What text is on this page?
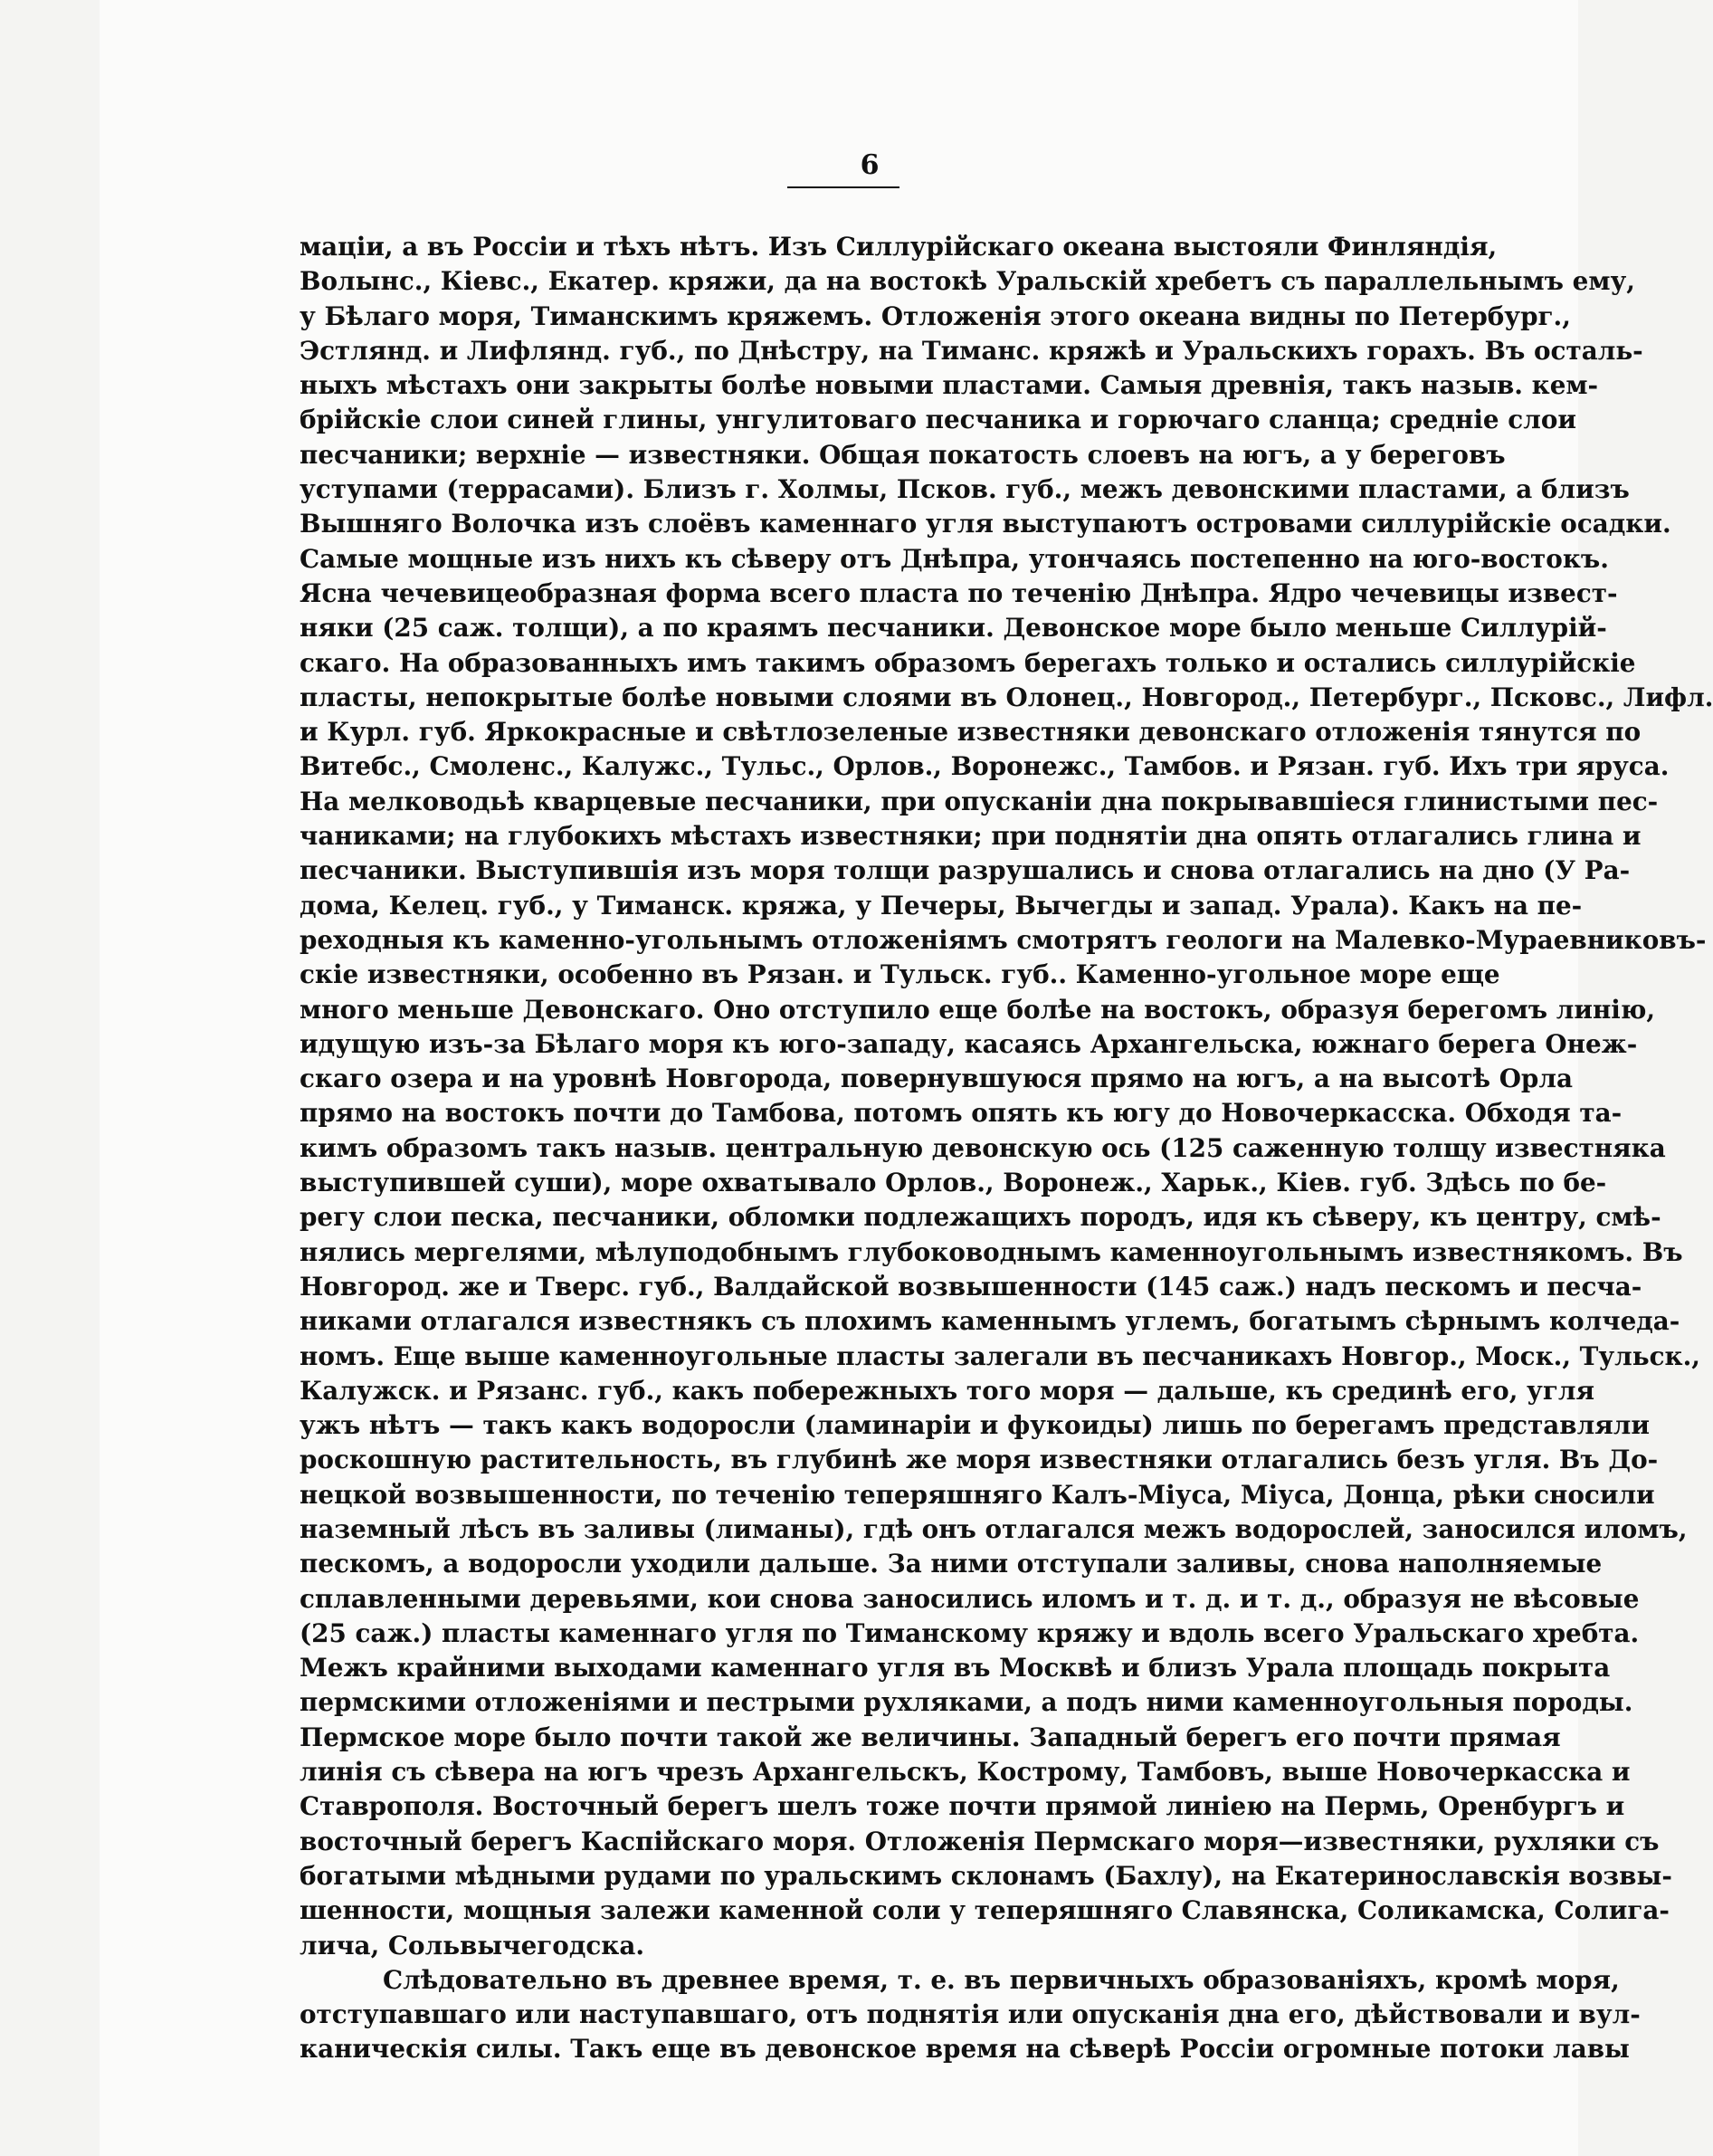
6
маціи, а въ Россіи и тѣхъ нѣтъ. Изъ Силлурійскаго океана выстояли Финляндія,
Волынс., Кіевс., Екатер. кряжи, да на востокѣ Уральскій хребетъ съ параллельнымъ ему,
у Бѣлаго моря, Тиманскимъ кряжемъ. Отложенія этого океана видны по Петербург.,
Эстлянд. и Лифлянд. губ., по Днѣстру, на Тиманс. кряжѣ и Уральскихъ горахъ. Въ осталь-
ныхъ мѣстахъ они закрыты болѣе новыми пластами. Самыя древнія, такъ назыв. кем-
брійскіе слои синей глины, унгулитоваго песчаника и горючаго сланца; средніе слои
песчаники; верхніе — известняки. Общая покатость слоевъ на югъ, а у береговъ
уступами (террасами). Близъ г. Холмы, Псков. губ., межъ девонскими пластами, а близъ
Вышняго Волочка изъ слоёвъ каменнаго угля выступаютъ островами силлурійскіе осадки.
Самые мощные изъ нихъ къ сѣверу отъ Днѣпра, утончаясь постепенно на юго-востокъ.
Ясна чечевицеобразная форма всего пласта по теченію Днѣпра. Ядро чечевицы извест-
няки (25 саж. толщи), а по краямъ песчаники. Девонское море было меньше Силлурій-
скаго. На образованныхъ имъ такимъ образомъ берегахъ только и остались силлурійскіе
пласты, непокрытые болѣе новыми слоями въ Олонец., Новгород., Петербург., Псковс., Лифл.
и Курл. губ. Яркокрасные и свѣтлозеленые известняки девонскаго отложенія тянутся по
Витебс., Смоленс., Калужс., Тульс., Орлов., Воронежс., Тамбов. и Рязан. губ. Ихъ три яруса.
На мелководьѣ кварцевые песчаники, при опусканіи дна покрывавшіеся глинистыми пес-
чаниками; на глубокихъ мѣстахъ известняки; при поднятіи дна опять отлагались глина и
песчаники. Выступившія изъ моря толщи разрушались и снова отлагались на дно (У Ра-
дома, Келец. губ., у Тиманск. кряжа, у Печеры, Вычегды и запад. Урала). Какъ на пе-
реходныя къ каменно-угольнымъ отложеніямъ смотрятъ геологи на Малевко-Мураевниковъ-
скіе известняки, особенно въ Рязан. и Тульск. губ.. Каменно-угольное море еще
много меньше Девонскаго. Оно отступило еще болѣе на востокъ, образуя берегомъ линію,
идущую изъ-за Бѣлаго моря къ юго-западу, касаясь Архангельска, южнаго берега Онеж-
скаго озера и на уровнѣ Новгорода, повернувшуюся прямо на югъ, а на высотѣ Орла
прямо на востокъ почти до Тамбова, потомъ опять къ югу до Новочеркасска. Обходя та-
кимъ образомъ такъ назыв. центральную девонскую ось (125 саженную толщу известняка
выступившей суши), море охватывало Орлов., Воронеж., Харьк., Кіев. губ. Здѣсь по бе-
регу слои песка, песчаники, обломки подлежащихъ породъ, идя къ сѣверу, къ центру, смѣ-
нялись мергелями, мѣлуподобнымъ глубоководнымъ каменноугольнымъ известнякомъ. Въ
Новгород. же и Тверс. губ., Валдайской возвышенности (145 саж.) надъ пескомъ и песча-
никами отлагался известнякъ съ плохимъ каменнымъ углемъ, богатымъ сѣрнымъ колчеда-
номъ. Еще выше каменноугольные пласты залегали въ песчаникахъ Новгор., Моск., Тульск.,
Калужск. и Рязанс. губ., какъ побережныхъ того моря — дальше, къ срединѣ его, угля
ужъ нѣтъ — такъ какъ водоросли (ламинаріи и фукоиды) лишь по берегамъ представляли
роскошную растительность, въ глубинѣ же моря известняки отлагались безъ угля. Въ До-
нецкой возвышенности, по теченію теперяшняго Калъ-Міуса, Міуса, Донца, рѣки сносили
наземный лѣсъ въ заливы (лиманы), гдѣ онъ отлагался межъ водорослей, заносился иломъ,
пескомъ, а водоросли уходили дальше. За ними отступали заливы, снова наполняемые
сплавленными деревьями, кои снова заносились иломъ и т. д. и т. д., образуя не вѣсовые
(25 саж.) пласты каменнаго угля по Тиманскому кряжу и вдоль всего Уральскаго хребта.
Межъ крайними выходами каменнаго угля въ Москвѣ и близъ Урала площадь покрыта
пермскими отложеніями и пестрыми рухляками, а подъ ними каменноугольныя породы.
Пермское море было почти такой же величины. Западный берегъ его почти прямая
линія съ сѣвера на югъ чрезъ Архангельскъ, Кострому, Тамбовъ, выше Новочеркасска и
Ставрополя. Восточный берегъ шелъ тоже почти прямой линіею на Пермь, Оренбургъ и
восточный берегъ Каспійскаго моря. Отложенія Пермскаго моря—известняки, рухляки съ
богатыми мѣдными рудами по уральскимъ склонамъ (Бахлу), на Екатеринославскія возвы-
шенности, мощныя залежи каменной соли у теперяшняго Славянска, Соликамска, Солига-
лича, Сольвычегодска.
Слѣдовательно въ древнее время, т. е. въ первичныхъ образованіяхъ, кромѣ моря,
отступавшаго или наступавшаго, отъ поднятія или опусканія дна его, дѣйствовали и вул-
каническія силы. Такъ еще въ девонское время на сѣверѣ Россіи огромные потоки лавы
